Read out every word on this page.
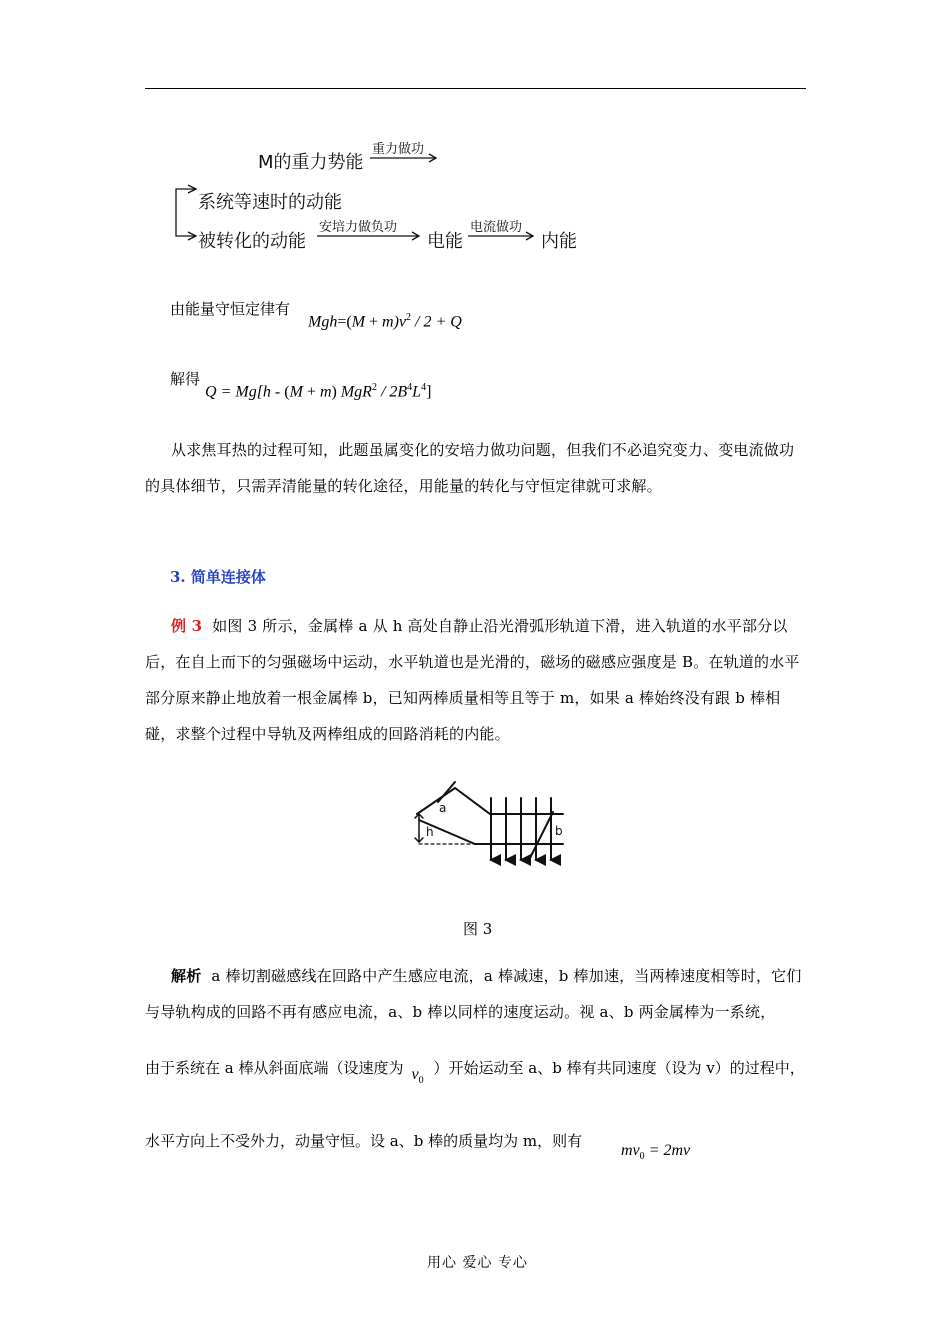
M的重力势能
重力做功
系统等速时的动能
被转化的动能
安培力做负功
电能
电流做功
内能
由能量守恒定律有
$Mgh=(M + m)v^2 / 2 + Q$
解得
Q = Mg[h - (M + m) $MgR^2 / 2B^4L^4$]
从求焦耳热的过程可知，此题虽属变化的安培力做功问题，但我们不必追究变力、变电流做功的具体细节，只需弄清能量的转化途径，用能量的转化与守恒定律就可求解。
3. 简单连接体
例 3 如图 3 所示，金属棒 a 从 h 高处自静止沿光滑弧形轨道下滑，进入轨道的水平部分以后，在自上而下的匀强磁场中运动，水平轨道也是光滑的，磁场的磁感应强度是 B。在轨道的水平部分原来静止地放着一根金属棒 b，已知两棒质量相等且等于 m，如果 a 棒始终没有跟 b 棒相碰，求整个过程中导轨及两棒组成的回路消耗的内能。
a
h	b
图 3
解析 a 棒切割磁感线在回路中产生感应电流，a 棒减速，b 棒加速，当两棒速度相等时，它们与导轨构成的回路不再有感应电流，a、b 棒以同样的速度运动。视 a、b 两金属棒为一系统，
由于系统在 a 棒从斜面底端（设速度为 $v_0$
）开始运动至 a、b 棒有共同速度（设为 v）的过程中，
水平方向上不受外力，动量守恒。设 a、b 棒的质量均为 m，则有
$mv_0 = 2mv$
用心 爱心 专心
